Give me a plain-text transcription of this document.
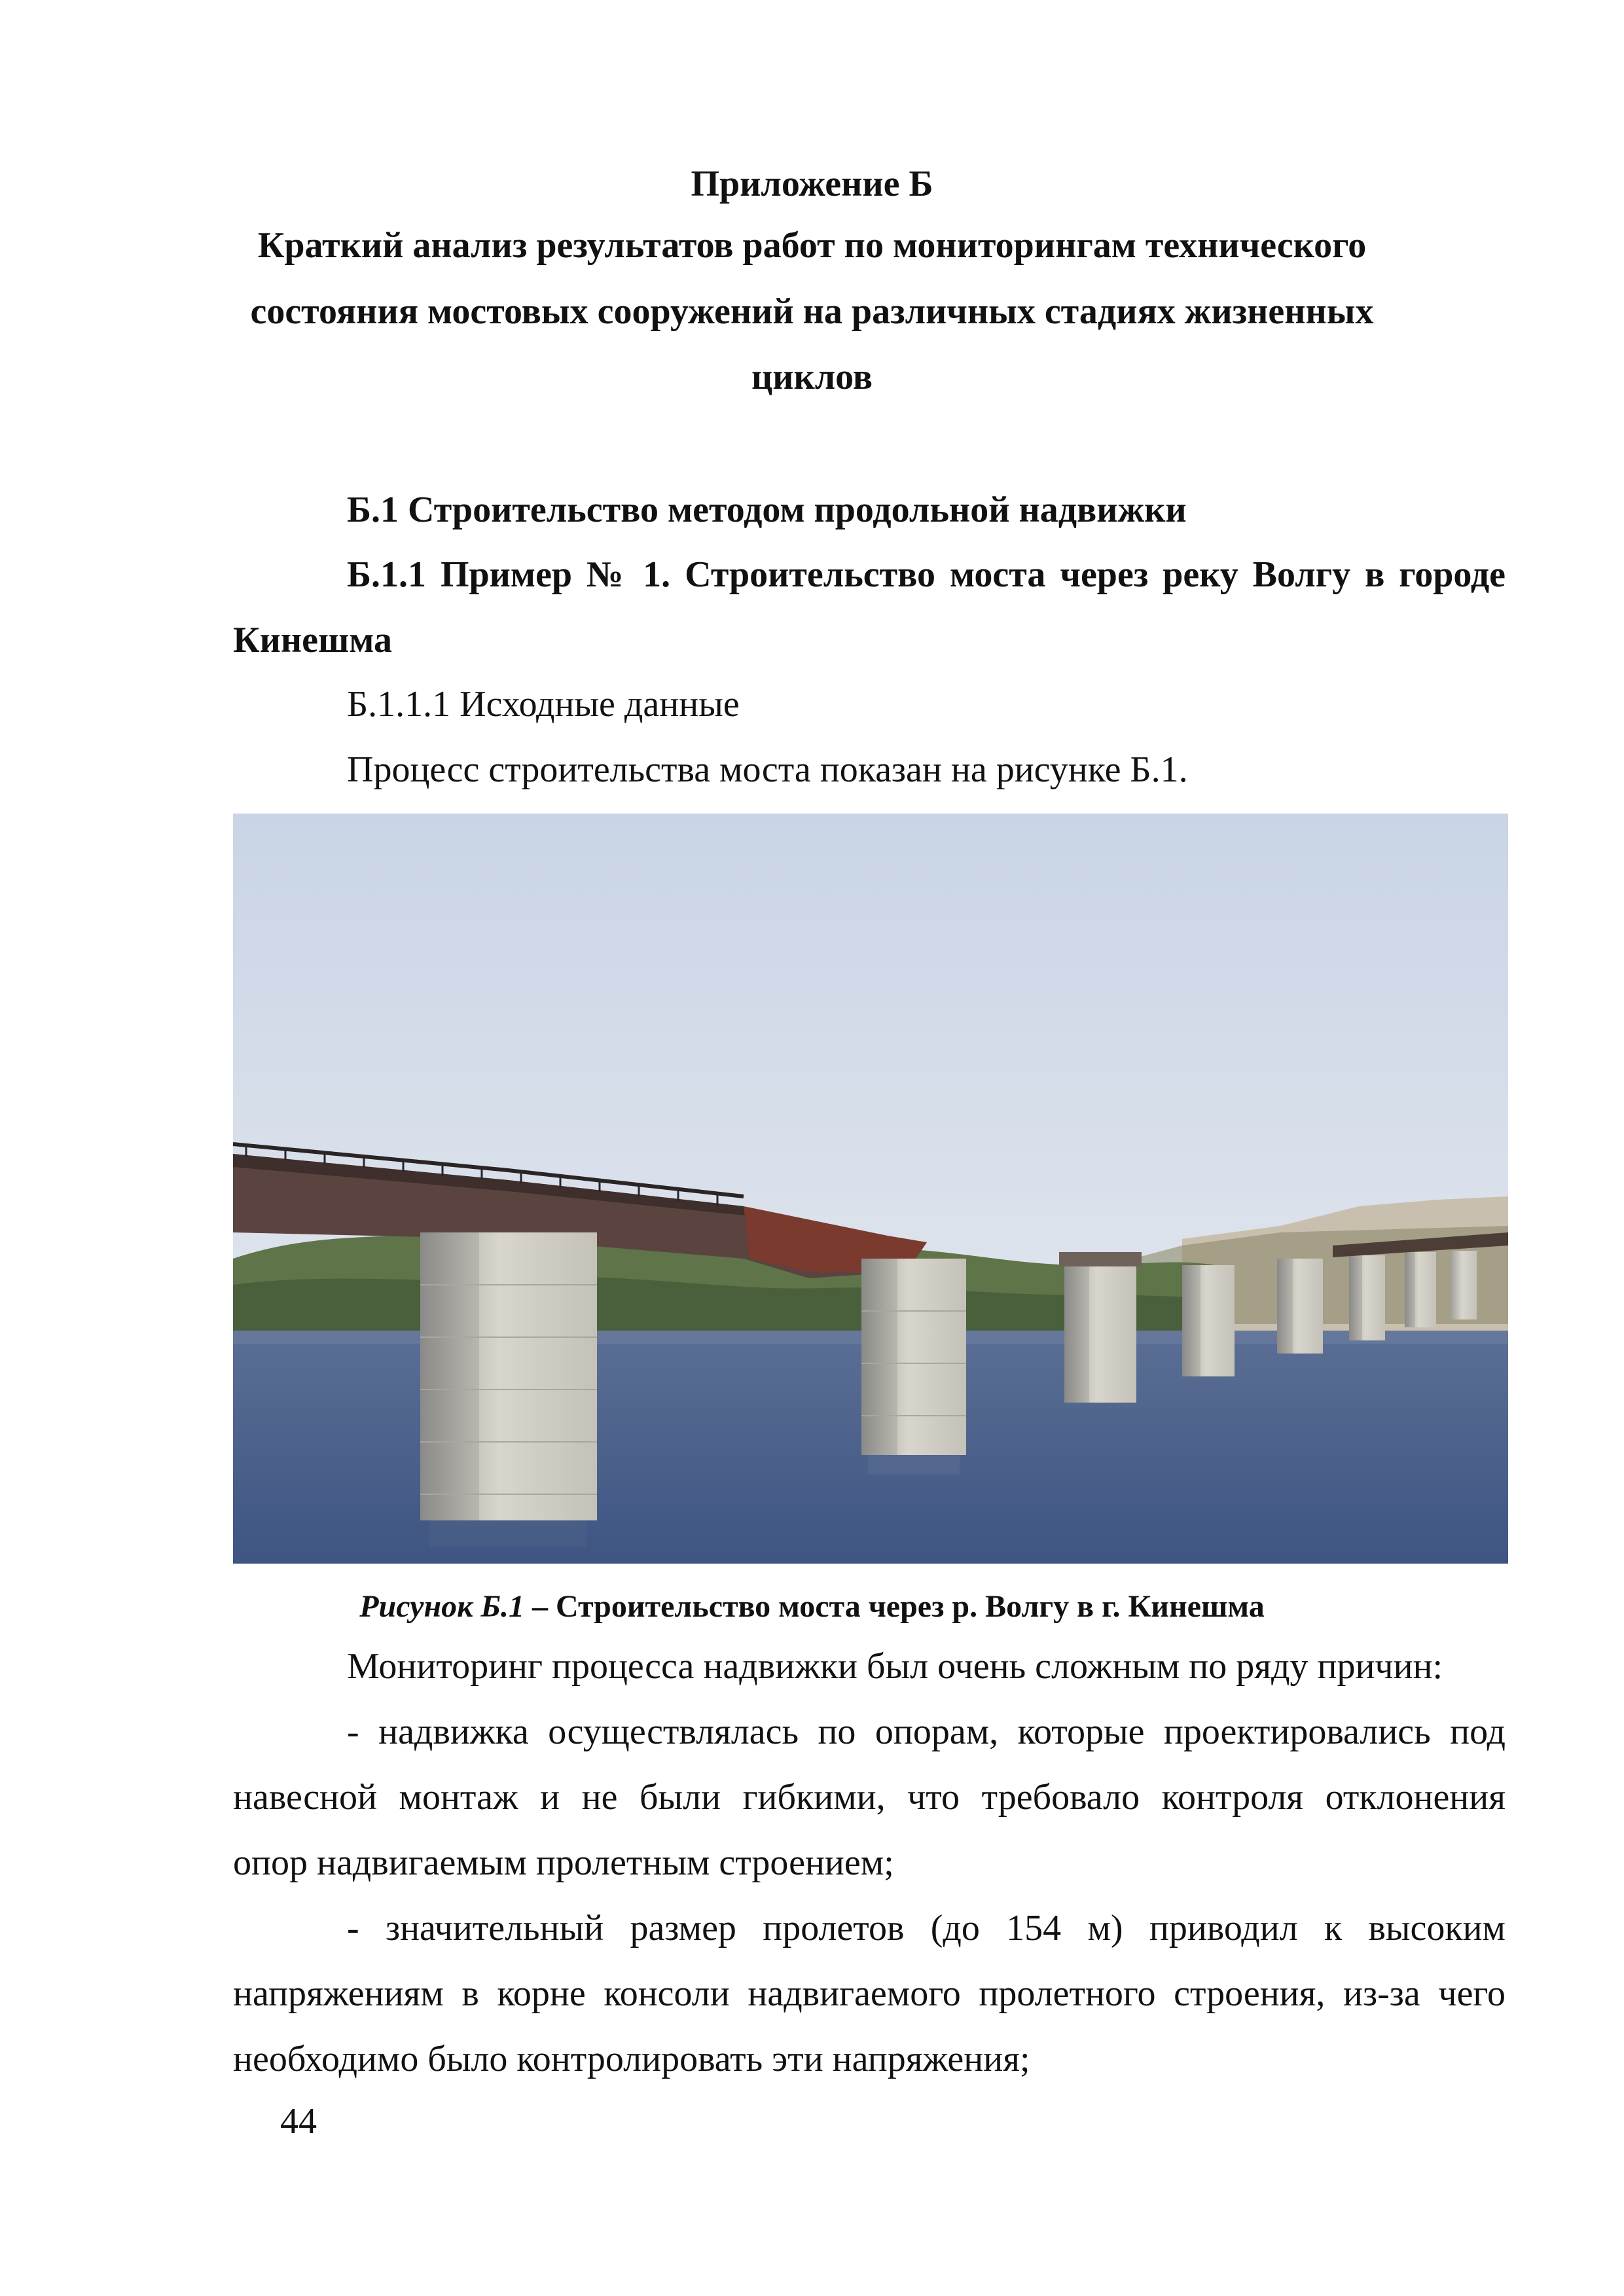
Приложение Б
Краткий анализ результатов работ по мониторингам технического
состояния мостовых сооружений на различных стадиях жизненных
циклов
Б.1 Строительство методом продольной надвижки
Б.1.1 Пример № 1. Строительство моста через реку Волгу в городе
Кинешма
Б.1.1.1 Исходные данные
Процесс строительства моста показан на рисунке Б.1.
Рисунок Б.1 – Строительство моста через р. Волгу в г. Кинешма
Мониторинг процесса надвижки был очень сложным по ряду причин:
- надвижка осуществлялась по опорам, которые проектировались под
навесной монтаж и не были гибкими, что требовало контроля отклонения
опор надвигаемым пролетным строением;
- значительный размер пролетов (до 154 м) приводил к высоким
напряжениям в корне консоли надвигаемого пролетного строения, из-за чего
необходимо было контролировать эти напряжения;
44
